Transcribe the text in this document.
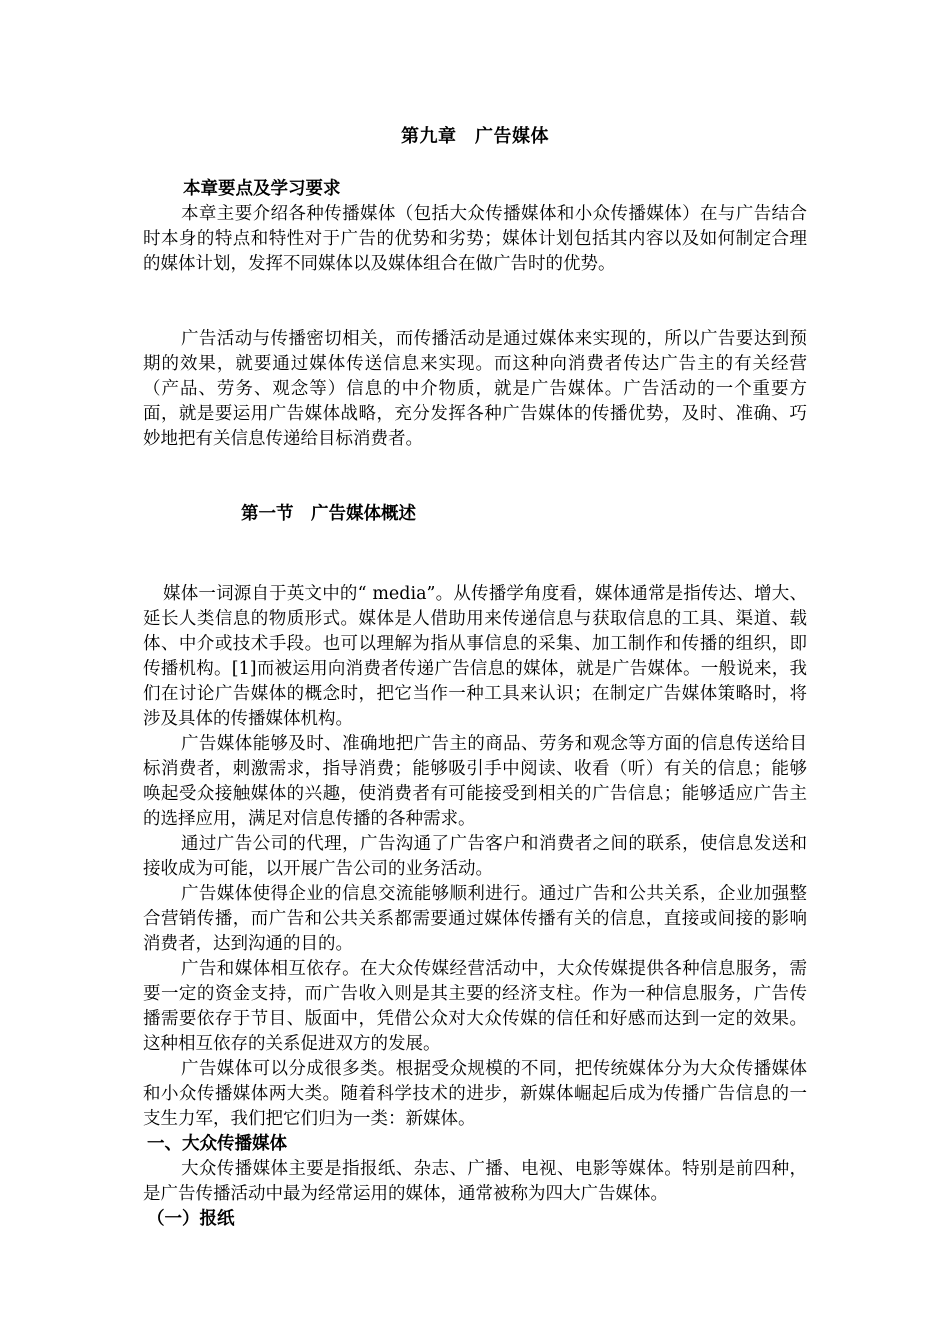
第九章　广告媒体
本章要点及学习要求

本章主要介绍各种传播媒体（包括大众传播媒体和小众传播媒体）在与广告结合时本身的特点和特性对于广告的优势和劣势；媒体计划包括其内容以及如何制定合理的媒体计划，发挥不同媒体以及媒体组合在做广告时的优势。

广告活动与传播密切相关，而传播活动是通过媒体来实现的，所以广告要达到预期的效果，就要通过媒体传送信息来实现。而这种向消费者传达广告主的有关经营（产品、劳务、观念等）信息的中介物质，就是广告媒体。广告活动的一个重要方面，就是要运用广告媒体战略，充分发挥各种广告媒体的传播优势，及时、准确、巧妙地把有关信息传递给目标消费者。

第一节　广告媒体概述

媒体一词源自于英文中的“ media”。从传播学角度看，媒体通常是指传达、增大、延长人类信息的物质形式。媒体是人借助用来传递信息与获取信息的工具、渠道、载体、中介或技术手段。也可以理解为指从事信息的采集、加工制作和传播的组织，即传播机构。[1]而被运用向消费者传递广告信息的媒体，就是广告媒体。一般说来，我们在讨论广告媒体的概念时，把它当作一种工具来认识；在制定广告媒体策略时，将涉及具体的传播媒体机构。

广告媒体能够及时、准确地把广告主的商品、劳务和观念等方面的信息传送给目标消费者，刺激需求，指导消费；能够吸引手中阅读、收看（听）有关的信息；能够唤起受众接触媒体的兴趣，使消费者有可能接受到相关的广告信息；能够适应广告主的选择应用，满足对信息传播的各种需求。

通过广告公司的代理，广告沟通了广告客户和消费者之间的联系，使信息发送和接收成为可能，以开展广告公司的业务活动。

广告媒体使得企业的信息交流能够顺利进行。通过广告和公共关系，企业加强整合营销传播，而广告和公共关系都需要通过媒体传播有关的信息，直接或间接的影响消费者，达到沟通的目的。

广告和媒体相互依存。在大众传媒经营活动中，大众传媒提供各种信息服务，需要一定的资金支持，而广告收入则是其主要的经济支柱。作为一种信息服务，广告传播需要依存于节目、版面中，凭借公众对大众传媒的信任和好感而达到一定的效果。这种相互依存的关系促进双方的发展。

广告媒体可以分成很多类。根据受众规模的不同，把传统媒体分为大众传播媒体和小众传播媒体两大类。随着科学技术的进步，新媒体崛起后成为传播广告信息的一支生力军，我们把它们归为一类：新媒体。

一、大众传播媒体

大众传播媒体主要是指报纸、杂志、广播、电视、电影等媒体。特别是前四种，是广告传播活动中最为经常运用的媒体，通常被称为四大广告媒体。

（一）报纸
